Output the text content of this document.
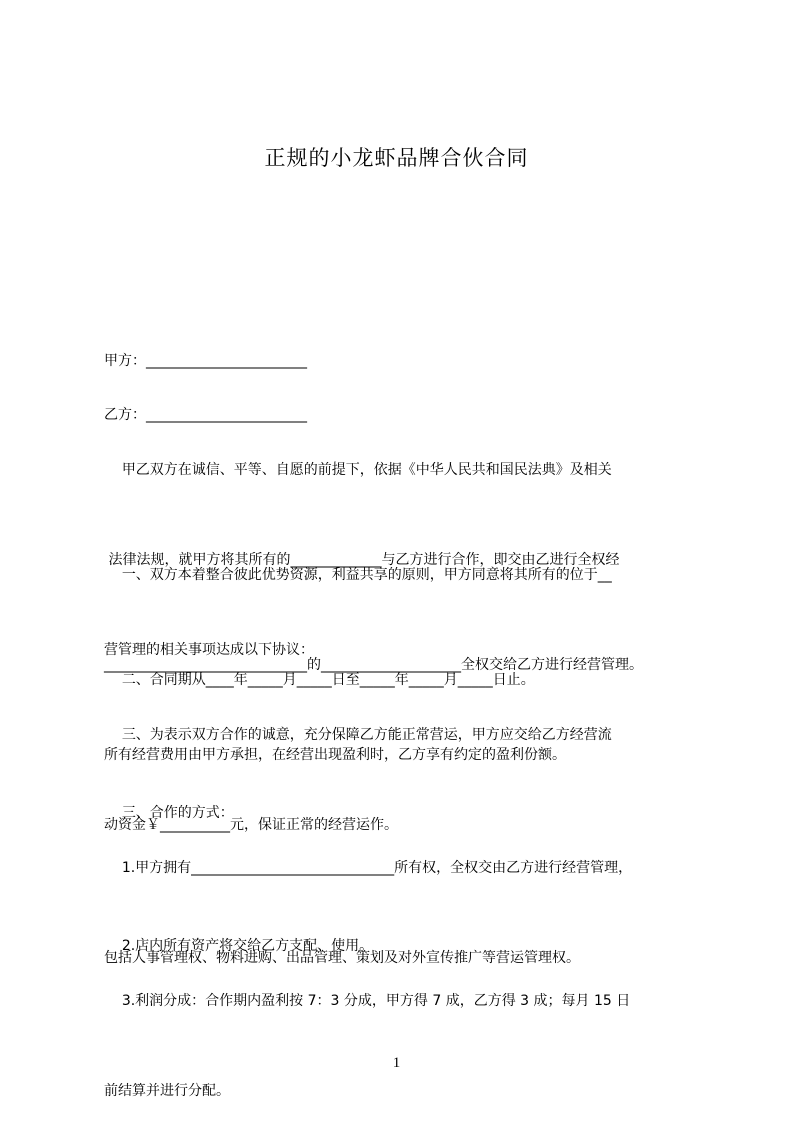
正规的小龙虾品牌合伙合同

甲方：_______________________

乙方：_______________________

甲乙双方在诚信、平等、自愿的前提下，依据《中华人民共和国民法典》及相关

法律法规，就甲方将其所有的_____________与乙方进行合作，即交由乙进行全权经

营管理的相关事项达成以下协议：

一、双方本着整合彼此优势资源，利益共享的原则，甲方同意将其所有的位于__

_____________________________的____________________全权交给乙方进行经营管理。

所有经营费用由甲方承担，在经营出现盈利时，乙方享有约定的盈利份额。

二、合同期从____年_____月_____日至_____年_____月_____日止。

三、为表示双方合作的诚意，充分保障乙方能正常营运，甲方应交给乙方经营流

动资金￥__________元，保证正常的经营运作。

三、合作的方式：

1.甲方拥有_____________________________所有权，全权交由乙方进行经营管理，

包括人事管理权、物料进购、出品管理、策划及对外宣传推广等营运管理权。

2.店内所有资产将交给乙方支配、使用。

3.利润分成：合作期内盈利按 7：3 分成，甲方得 7 成，乙方得 3 成；每月 15 日

前结算并进行分配。

1
